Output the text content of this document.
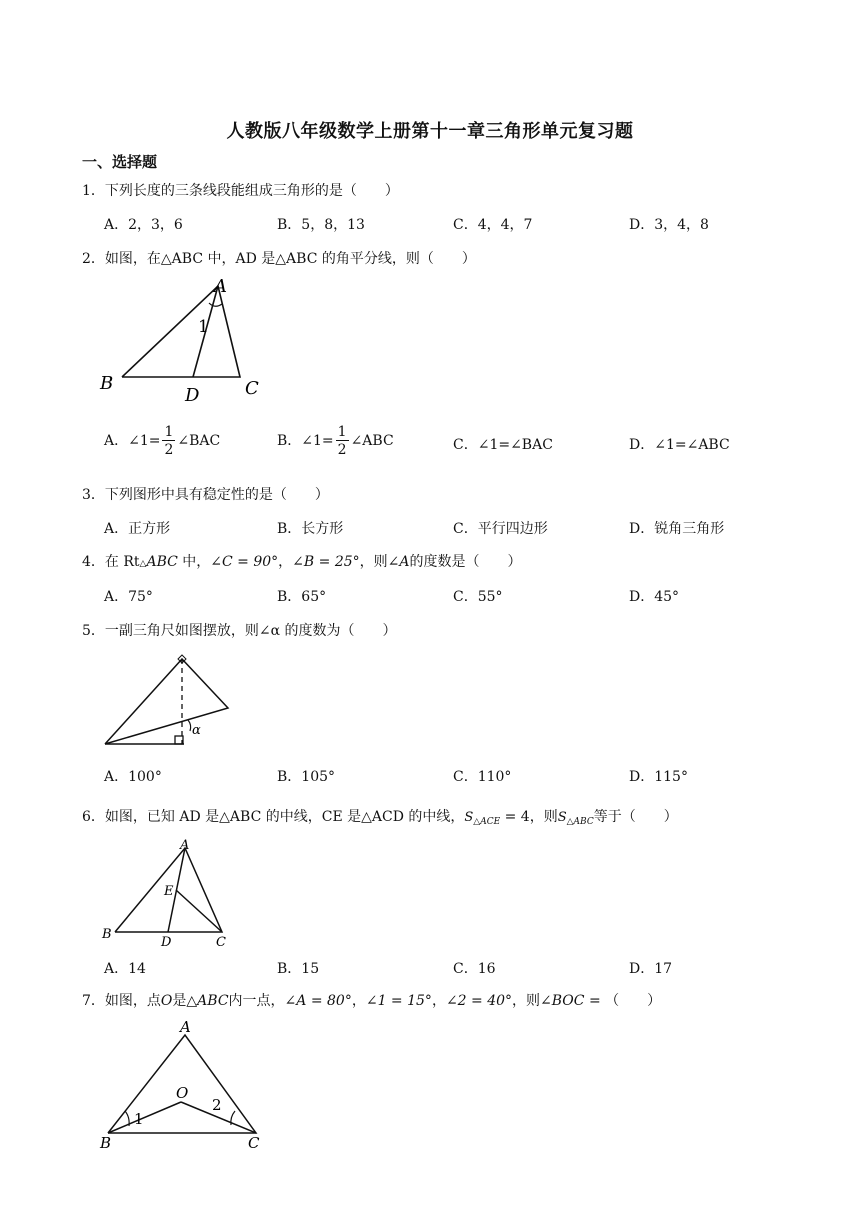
人教版八年级数学上册第十一章三角形单元复习题
一、选择题
1．下列长度的三条线段能组成三角形的是（　　）
A．2，3，6	B．5，8，13	C．4，4，7	D．3，4，8
2．如图，在△ABC 中，AD 是△ABC 的角平分线，则（　　）
A
B	C
D
1
A．∠1= $\frac{1}{2}$ ∠BAC	B．∠1= $\frac{1}{2}$ ∠ABC	C．∠1=∠BAC	D．∠1=∠ABC
3．下列图形中具有稳定性的是（　　）
A．正方形	B．长方形	C．平行四边形	D．锐角三角形
4．在 Rt△ABC 中，∠C = 90°，∠B = 25°，则∠A的度数是（　　）
A．75°	B．65°	C．55°	D．45°
5．一副三角尺如图摆放，则∠α 的度数为（　　）
α
A．100°	B．105°	C．110°	D．115°
6．如图，已知 AD 是△ABC 的中线，CE 是△ACD 的中线，$S_{\triangle ACE} = 4$，则$S_{\triangle ABC}$等于（　　）
A
B
C
D
E
A．14	B．15	C．16	D．17
7．如图，点O是△ABC内一点，∠A = 80°，∠1 = 15°，∠2 = 40°，则∠BOC = （　　）
A
B	C
O
1
2
